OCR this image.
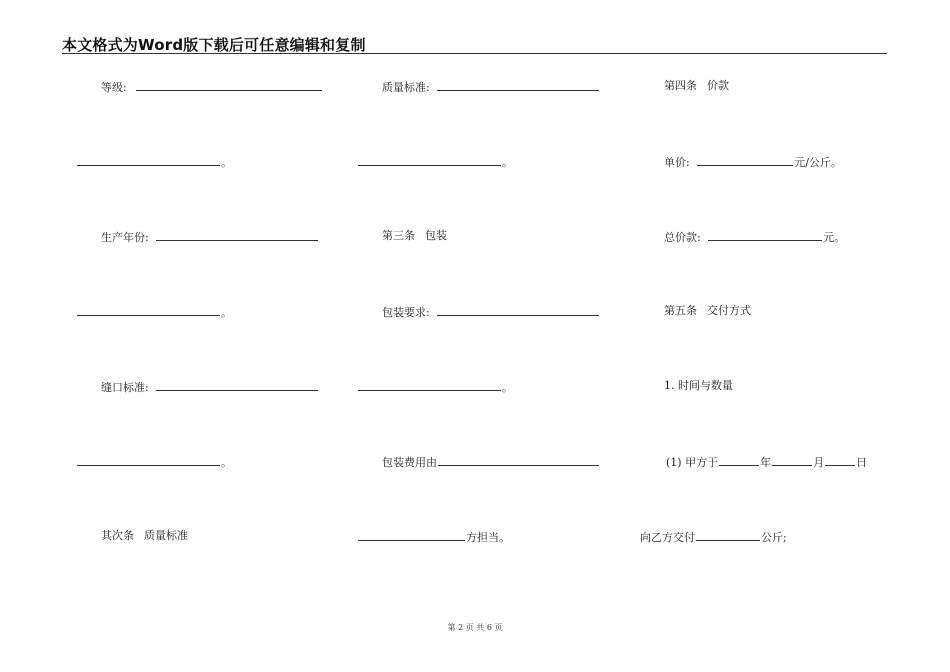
本文格式为Word版下载后可任意编辑和复制
等级:
。
生产年份:
。
缝口标准:
。
其次条 质量标准
质量标准:
。
第三条 包装
包装要求:
。
包装费用由
方担当。
第四条 价款
单价:	元/公斤。
总价款:	元。
第五条 交付方式
1. 时间与数量
(1) 甲方于	年	月	日
向乙方交付	公斤;
第 2 页 共 6 页
